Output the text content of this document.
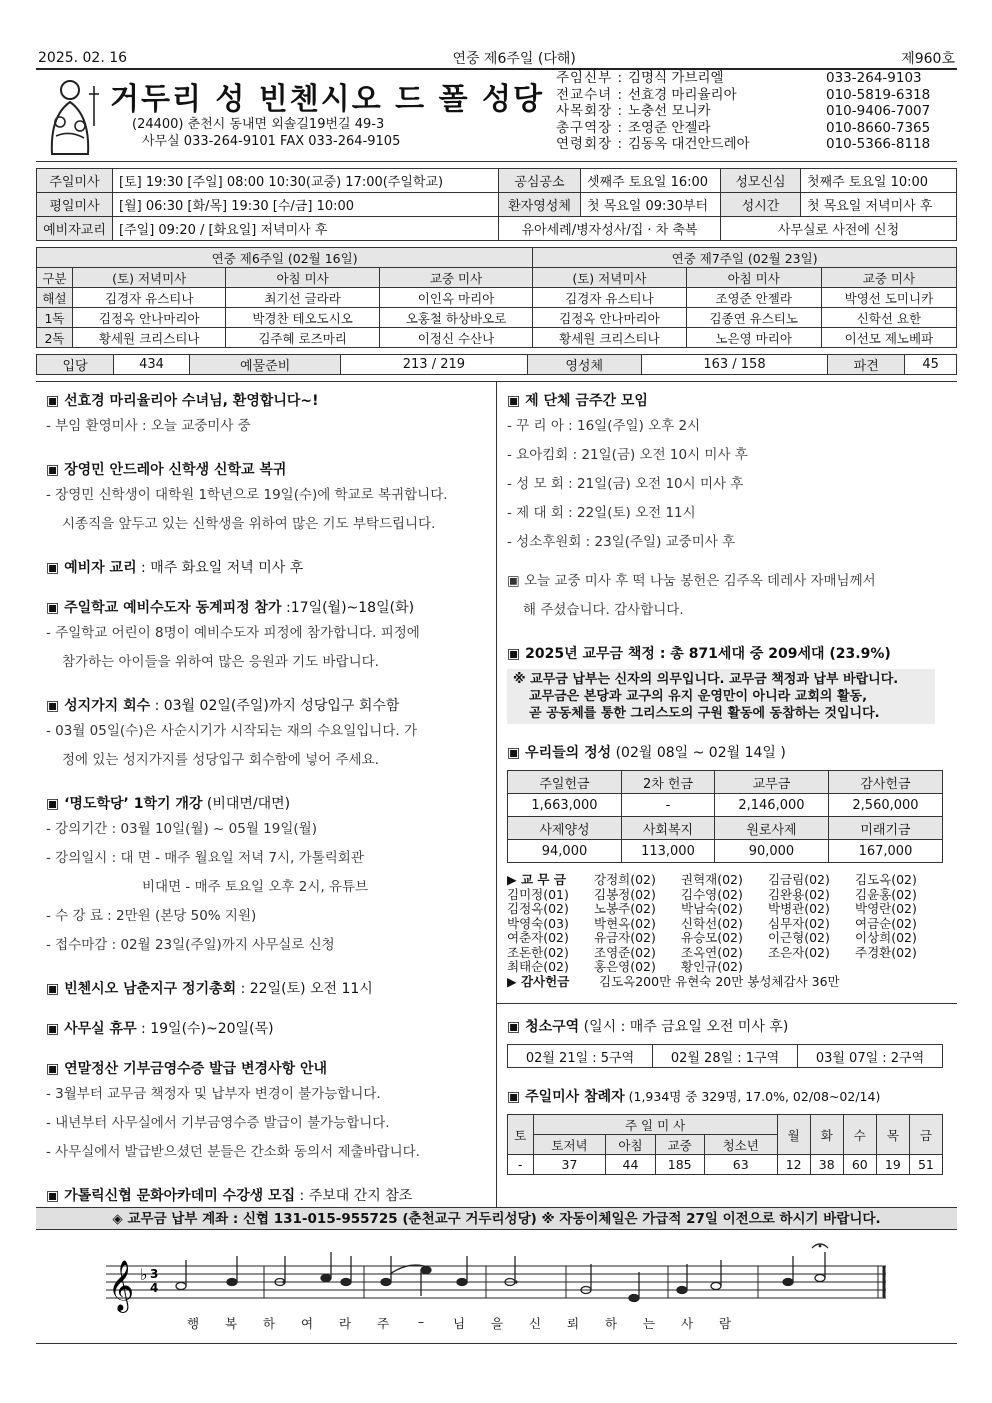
2025. 02. 16	연중 제6주일 (다해)	제960호
거두리 성 빈첸시오 드 폴 성당
(24400) 춘천시 동내면 외솔길19번길 49-3
사무실 033-264-9101 FAX 033-264-9105
주임신부 : 김명식 가브리엘	033-264-9103
전교수녀 : 선효경 마리율리아	010-5819-6318
사목회장 : 노충선 모니카	010-9406-7007
총구역장 : 조영준 안젤라	010-8660-7365
연령회장 : 김동옥 대건안드레아	010-5366-8118
주일미사	[토] 19:30 [주일] 08:00 10:30(교중) 17:00(주일학교)	공심공소	셋째주 토요일 16:00	성모신심	첫째주 토요일 10:00
평일미사	[월] 06:30 [화/목] 19:30 [수/금] 10:00	환자영성체	첫 목요일 09:30부터	성시간	첫 목요일 저녁미사 후
예비자교리	[주일] 09:20 / [화요일] 저녁미사 후	유아세례/병자성사/집 · 차 축복		사무실로 사전에 신청	
연중 제6주일 (02월 16일)				연중 제7주일 (02월 23일)		
구분	(토) 저녁미사	아침 미사	교중 미사	(토) 저녁미사	아침 미사	교중 미사
해설	김경자 유스티나	최기선 글라라	이인옥 마리아	김경자 유스티나	조영준 안젤라	박영선 도미니카
1독	김정옥 안나마리아	박경찬 테오도시오	오홍철 하상바오로	김정옥 안나마리아	김종연 유스티노	신학선 요한
2독	황세원 크리스티나	김주혜 로즈마리	이정신 수산나	황세원 크리스티나	노은영 마리아	이선모 제노베파
입당	434	예물준비	213 / 219	영성체	163 / 158	파견	45
▣ 선효경 마리율리아 수녀님, 환영합니다~!
- 부임 환영미사 : 오늘 교중미사 중
▣ 장영민 안드레아 신학생 신학교 복귀
- 장영민 신학생이 대학원 1학년으로 19일(수)에 학교로 복귀합니다.
시종직을 앞두고 있는 신학생을 위하여 많은 기도 부탁드립니다.
▣ 예비자 교리 : 매주 화요일 저녁 미사 후
▣ 주일학교 예비수도자 동계피정 참가 :17일(월)~18일(화)
- 주일학교 어린이 8명이 예비수도자 피정에 참가합니다. 피정에
참가하는 아이들을 위하여 많은 응원과 기도 바랍니다.
▣ 성지가지 회수 : 03월 02일(주일)까지 성당입구 회수함
- 03월 05일(수)은 사순시기가 시작되는 재의 수요일입니다. 가
정에 있는 성지가지를 성당입구 회수함에 넣어 주세요.
▣ ‘명도학당’ 1학기 개강 (비대면/대면)
- 강의기간 : 03월 10일(월) ~ 05월 19일(월)
- 강의일시 : 대 면 - 매주 월요일 저녁 7시, 가톨릭회관
비대면 - 매주 토요일 오후 2시, 유튜브
- 수 강 료 : 2만원 (본당 50% 지원)
- 접수마감 : 02월 23일(주일)까지 사무실로 신청
▣ 빈첸시오 남춘지구 정기총회 : 22일(토) 오전 11시
▣ 사무실 휴무 : 19일(수)~20일(목)
▣ 연말정산 기부금영수증 발급 변경사항 안내
- 3월부터 교무금 책정자 및 납부자 변경이 불가능합니다.
- 내년부터 사무실에서 기부금영수증 발급이 불가능합니다.
- 사무실에서 발급받으셨던 분들은 간소화 동의서 제출바랍니다.
▣ 가톨릭신협 문화아카데미 수강생 모집 : 주보대 간지 참조
▣ 제 단체 금주간 모임
- 꾸 리 아 : 16일(주일) 오후 2시
- 요아킴회 : 21일(금) 오전 10시 미사 후
- 성 모 회 : 21일(금) 오전 10시 미사 후
- 제 대 회 : 22일(토) 오전 11시
- 성소후원회 : 23일(주일) 교중미사 후
▣ 오늘 교중 미사 후 떡 나눔 봉헌은 김주옥 데레사 자매님께서
해 주셨습니다. 감사합니다.
▣ 2025년 교무금 책정 : 총 871세대 중 209세대 (23.9%)
※ 교무금 납부는 신자의 의무입니다. 교무금 책정과 납부 바랍니다.
교무금은 본당과 교구의 유지 운영만이 아니라 교회의 활동,
곧 공동체를 통한 그리스도의 구원 활동에 동참하는 것입니다.
▣ 우리들의 정성 (02월 08일 ~ 02월 14일 )
주일헌금	2차 헌금	교무금	감사헌금
1,663,000	-	2,146,000	2,560,000
사제양성	사회복지	원로사제	미래기금
94,000	113,000	90,000	167,000
▶ 교 무 금	강정희(02)	권혁재(02)	김금림(02)	김도옥(02)
김미정(01)	김봉정(02)	김수영(02)	김완용(02)	김윤홍(02)
김정옥(02)	노봉주(02)	박남숙(02)	박병관(02)	박영란(02)
박영숙(03)	박현옥(02)	신학선(02)	심무자(02)	여금순(02)
여춘자(02)	유금자(02)	유승모(02)	이근형(02)	이상희(02)
조돈한(02)	조영준(02)	조옥연(02)	조은자(02)	주경환(02)
최태순(02)	홍은영(02)	황인규(02)
▶ 감사헌금	김도옥200만 유현숙 20만 봉성체감사 36만
▣ 청소구역 (일시 : 매주 금요일 오전 미사 후)
02월 21일 : 5구역	02월 28일 : 1구역	03월 07일 : 2구역
▣ 주일미사 참례자 (1,934명 중 329명, 17.0%, 02/08~02/14)
토	주 일 미 사				월	화	수	목	금
	토저녁	아침	교중	청소년					
-	37	44	185	63	12	38	60	19	51
◈ 교무금 납부 계좌 : 신협 131-015-955725 (춘천교구 거두리성당) ※ 자동이체일은 가급적 27일 이전으로 하시기 바랍니다.
𝄞 ♭ 3
4
행	복	하	여	라	주	–	님	을	신	뢰	하	는	사	람
